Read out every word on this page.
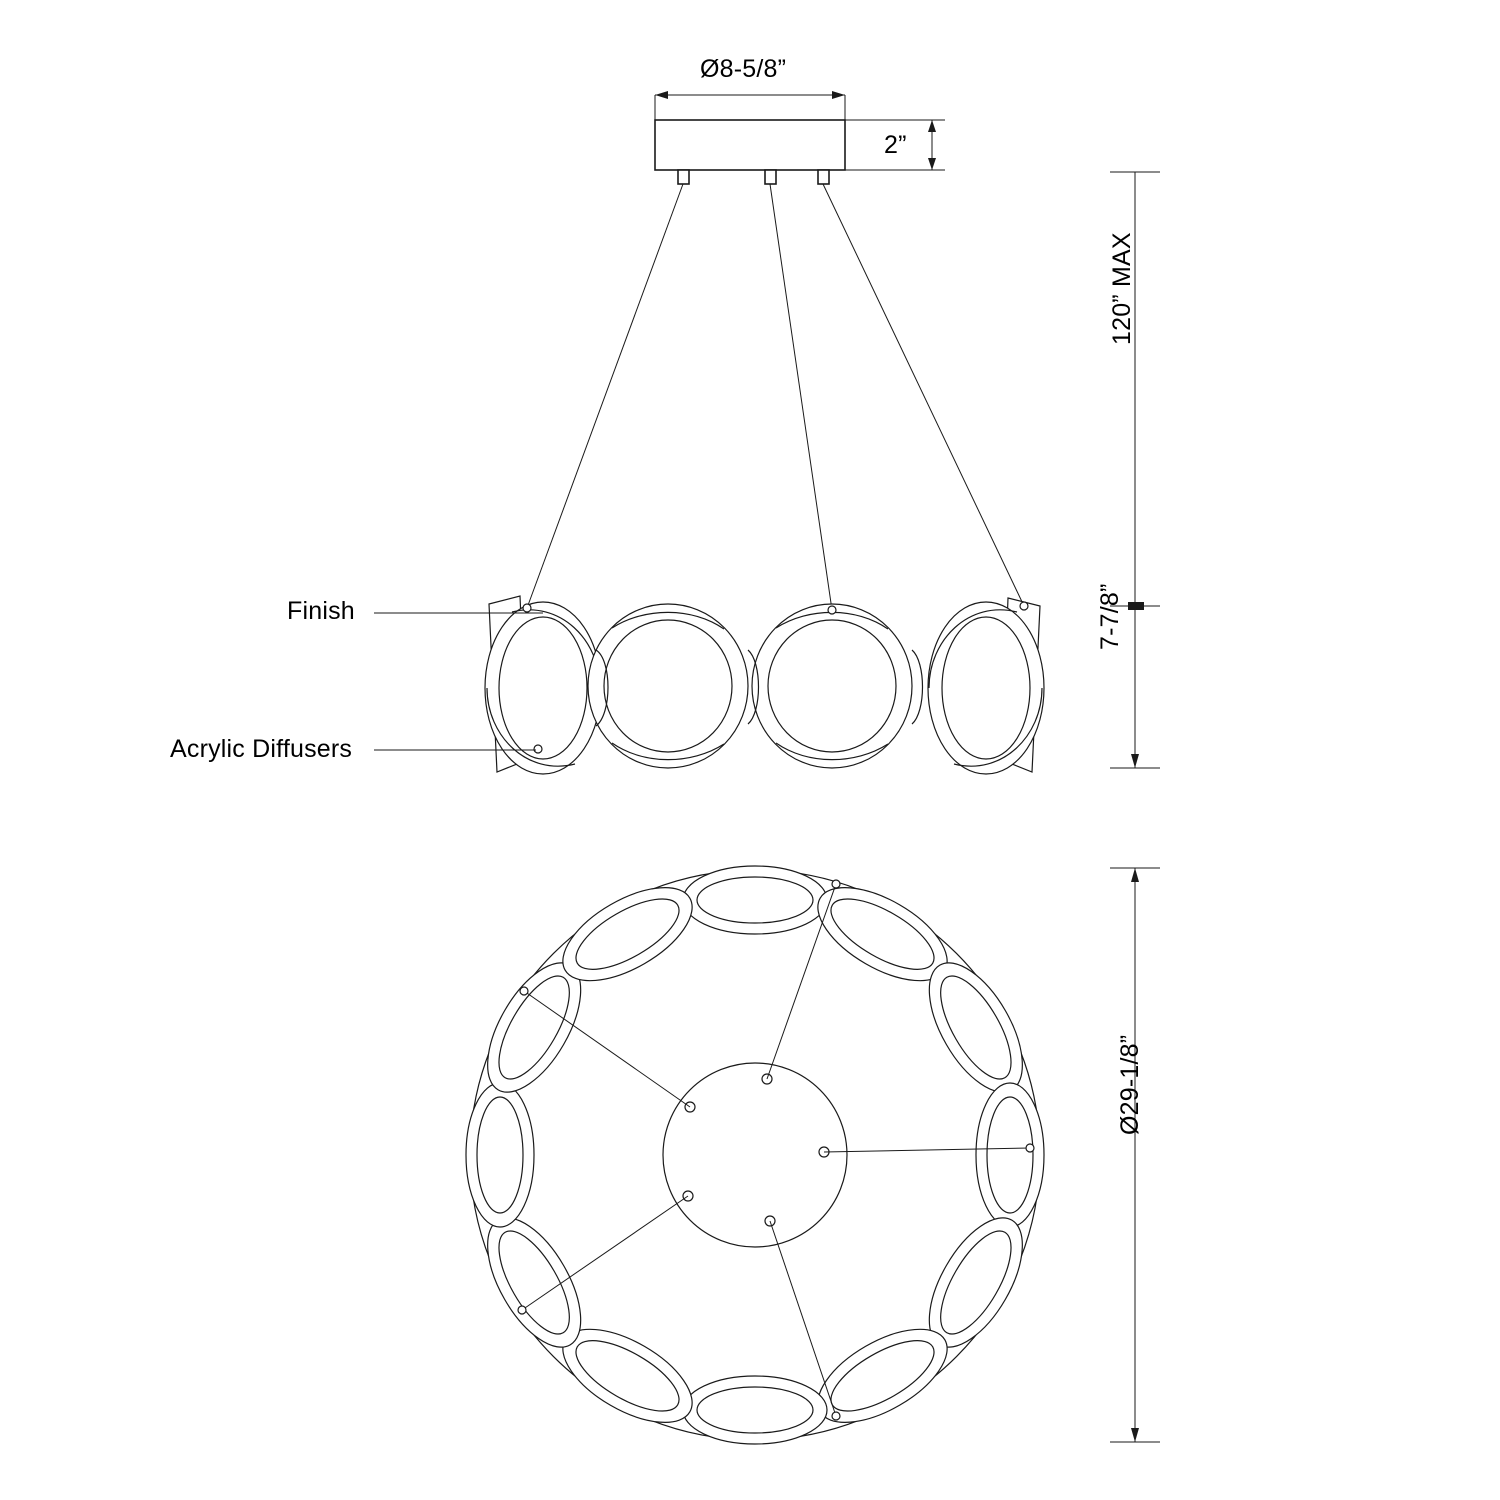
Ø8-5/8”
2”
120” MAX
7-7/8”
Ø29-1/8”
Finish
Acrylic Diffusers
